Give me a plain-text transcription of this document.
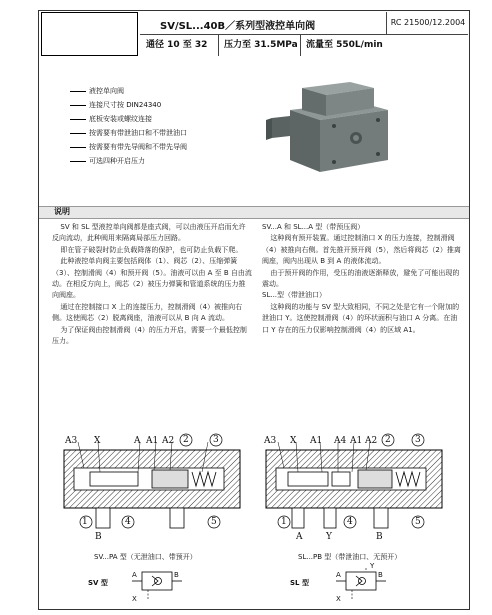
SV/SL...40B／系列型液控单向阀	RC 21500/12.2004
通径 10 至 32 压力至 31.5MPa 流量至 550L/min
液控单向阀
连接尺寸按 DIN24340
底板安装或螺纹连接
按需要有带泄油口和不带泄油口
按需要有带先导阀和不带先导阀
可选四种开启压力
说明

SV 和 SL 型液控单向阀都是座式阀，可以由液压开启而允许反向流动，此种阀用来隔离局部压力回路。

即在管子破裂时防止负载降落的保护，也可防止负载下爬。

此种液控单向阀主要包括阀体（1）、阀芯（2）、压缩弹簧（3）、控制滑阀（4）和预开阀（5）。油液可以由 A 至 B 自由流动。在相反方向上，阀芯（2）被压力弹簧和管道系统的压力推向阀座。

通过在控制接口 X 上的连接压力，控制滑阀（4）被推向右侧。这使阀芯（2）脱离阀座，油液可以从 B 向 A 流动。

为了保证阀由控制滑阀（4）的压力开启，需要一个最低控制压力。

SV...A 和 SL...A 型（带预压阀）

这种阀有预开装置。通过控制油口 X 的压力连接，控制滑阀（4）被推向右侧。首先推开预开阀（5），然后将阀芯（2）推离阀座，阀内出现从 B 到 A 的液体流动。

由于预开阀的作用，受压的油液逐渐释放，避免了可能出现的震动。

SL...型（带泄油口）

这种阀的功能与 SV 型大致相同，不同之处是它有一个附加的泄油口 Y。这使控制滑阀（4）的环状面积与油口 A 分离。在油口 Y 存在的压力仅影响控制滑阀（4）的区域 A1。

A3 X	A A1 A2 2	3
B
1	4	5
SV...PA 型（无泄油口、带预开）
SV 型
A	B
X
A3 X A1 A4 A1 A2 2	3
Y
A	B
1	4	5
SL...PB 型（带泄油口、无预开）
SL 型
A	B
X
Y
